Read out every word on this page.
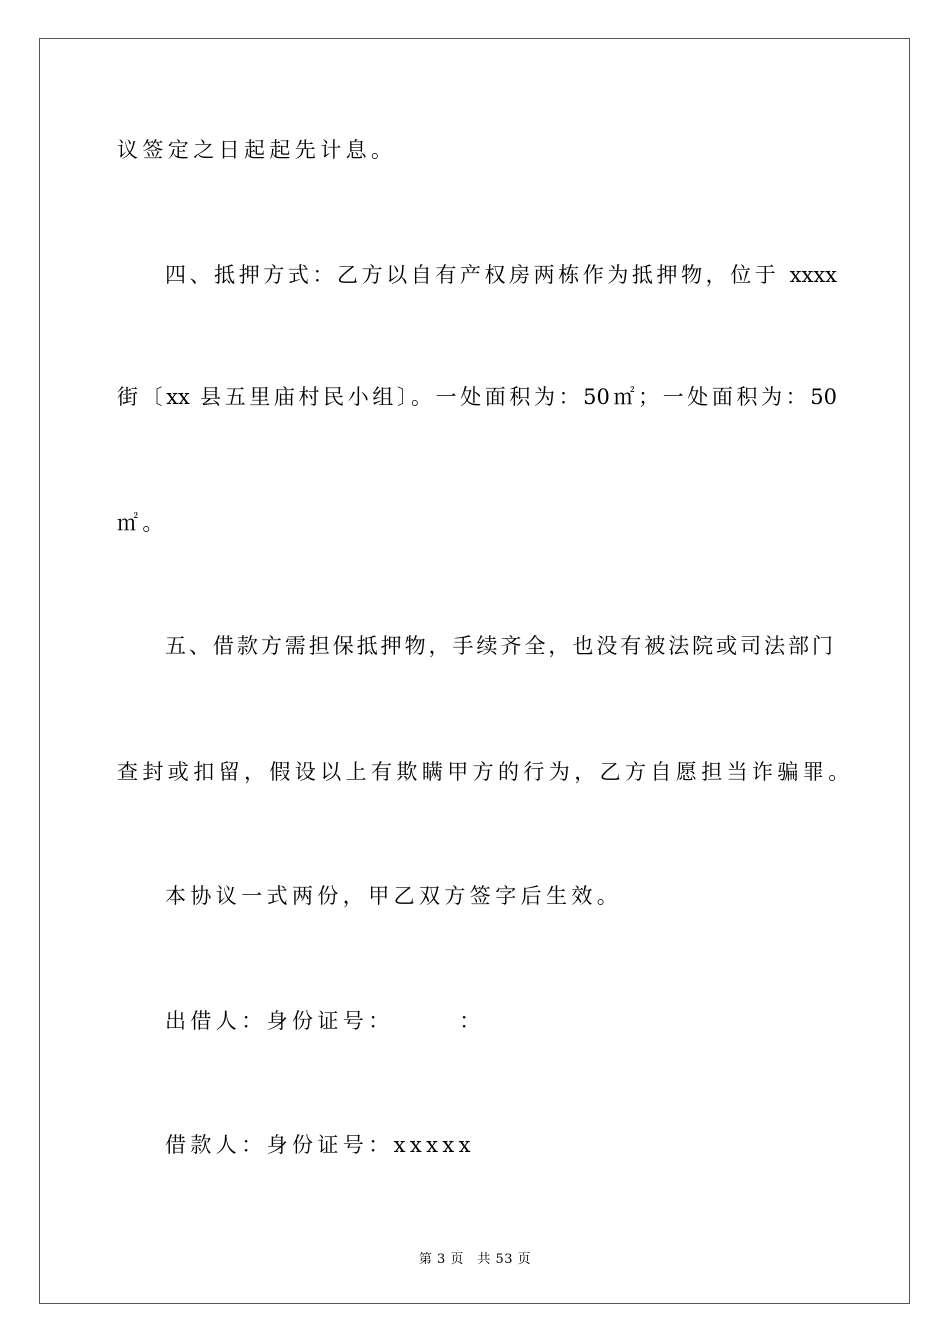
议签定之日起起先计息。
四、抵押方式：乙方以自有产权房两栋作为抵押物，位于 xxxx
街〔xx 县五里庙村民小组〕。一处面积为：50㎡；一处面积为：50
㎡。
五、借款方需担保抵押物，手续齐全，也没有被法院或司法部门
查封或扣留，假设以上有欺瞒甲方的行为，乙方自愿担当诈骗罪。
本协议一式两份，甲乙双方签字后生效。
出借人：身份证号：　　　：
借款人：身份证号：xxxxx
第 3 页　共 53 页
